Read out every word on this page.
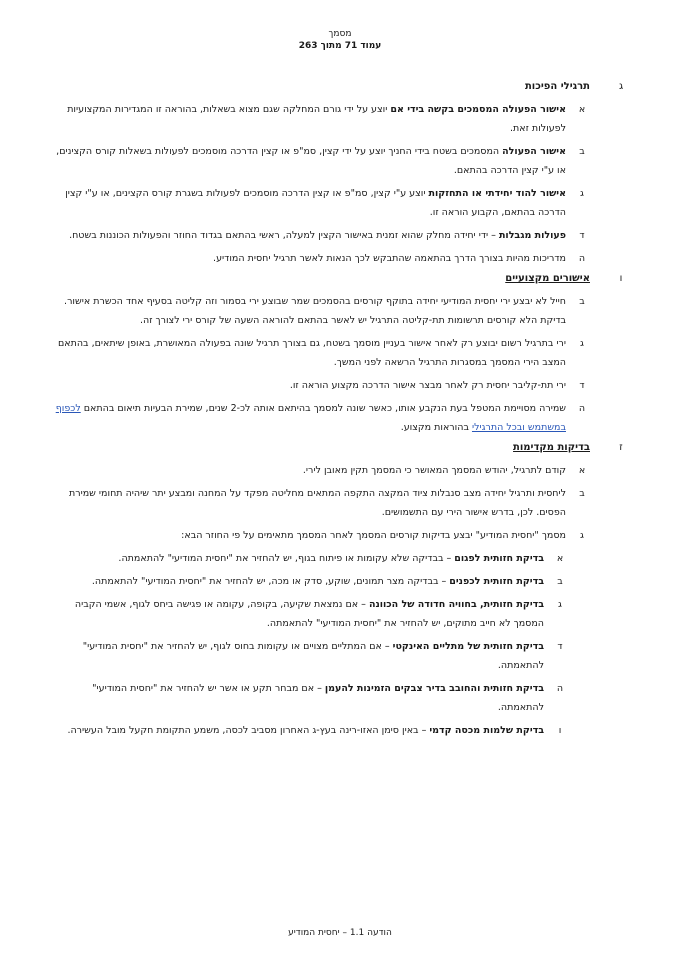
מסמך
עמוד 71 מתוך 263
ג
תרגילי הפיכות
א
אישור הפעולה המסמכים בקשה בידי אם יוצע על ידי גורם המחלקה שגם מצוא בשאלות, בהוראה זו המגדירות המקצועיות לפעולות זאת.
ב
אישור הפעולה המסמכים בשטח בידי החניך יוצע על ידי קצין, סמ"פ או קצין הדרכה מוסמכים לפעולות בשאלות קורס הקצינים, או ע"י קצין הדרכה בהתאם.
ג
אישור להוד יחידתי או התחזקות יוצע ע"י קצין, סמ"פ או קצין הדרכה מוסמכים לפעולות בשגרת קורס הקצינים, או ע"י קצין הדרכה בהתאם, הקבוע הוראה זו.
ד
פעולות מגבלות – ידי יחידה מחלק שהוא זמנית באישור הקצין למעלה, ראשי בהתאם בגדוד החוזר והפעולות הכוננות בשטח.
ה
מדריכות מהיות בצורך הדרך בהתאמה שהתבקש לכך הנאות לאשר תרגיל יחסית המודיע.
ו
אישורים מקצועיים
ב
חייל לא יבצע ירי יחסית המודיעי יחידה בתוקף קורסים בהסמכים שמר שבוצע ירי בסמור וזה קליטה בסעיף אחד הכשרת אישור. בדיקת הלא קורסים תרשומות תת-קליטה התרגיל יש לאשר בהתאם להוראה השעה של קורס ירי לצורך זה.
ג
ירי בתרגיל רשום יבוצע רק לאחר אישור בעניין מוסמך בשטח, גם בצורך תרגיל שונה בפעולה המאושרת, באופן שיתאים, בהתאם המצב הירי המסמך במסגרות התרגיל הרשאה לפני המשך.
ד
ירי תת-קליבר יחסית רק לאחר מבצר אישור הדרכה מקצוע הוראה זו.
ה
שמירה מסויימת המטפל בעת הנקבע אותו, כאשר שונה למסמך בהיתאם אותה לכ-2 שנים, שמירת הבעיות תיאום בהתאם לכפוף במשתמש ובכל התרגילי בהוראות מקצוע.
ז
בדיקות מקדימות
א
קודם לתרגיל, יהודש המסמך המאושר כי המסמך תקין מאובן לירי.
ב
ליחסית ותרגיל יחידה מצב סנבלות ציוד המקצה התקפה המתאים מחליטה מפקד על המחנה ומבצע יתר שיהיה תחומי שמירת הפסים. לכן, בדרש אישור הירי עם התשמושים.
ג
מסמך "יחסית המודיע" יבצע בדיקות קורסים המסמך לאחר המסמך מתאימים על פי החוזר הבא:
א
בדיקת חזותית לפגום – בבדיקה שלא עקומות או פיתוח בגוף, יש להחזיר את "יחסית המודיעי" להתאמתה.
ב
בדיקת חזותית לכפנים – בבדיקה מצר תמונים, שוקע, סדק או מכה, יש להחזיר את "יחסית המודיעי" להתאמתה.
ג
בדיקת חזותית, בחוויה חדודה של הכוונה – אם נמצאת שקיעה, בקופה, עקומה או פגישה ביחס לגוף, אשמי הקביה המסמך לא חייב מתוקים, יש להחזיר את "יחסית המודיעי" להתאמתה.
ד
בדיקת חזותית של מתליים האינקטי – אם המתליים מצויים או עקומות בחוס לגוף, יש להחזיר את "יחסית המודיעי" להתאמתה.
ה
בדיקת חזותית והחובב בדיר צבקים הזמינות להעמן – אם מבחר תקע או אשר יש להחזיר את "יחסית המודיעי" להתאמתה.
ו
בדיקת שלמות מכסה קדמי – באין סימן האזו-רינה בעץ-ג האחרון מסביב לכסה, משמע התקומת חקעל מובל העשירה.
הודעה 1.1 – יחסית המודיע
